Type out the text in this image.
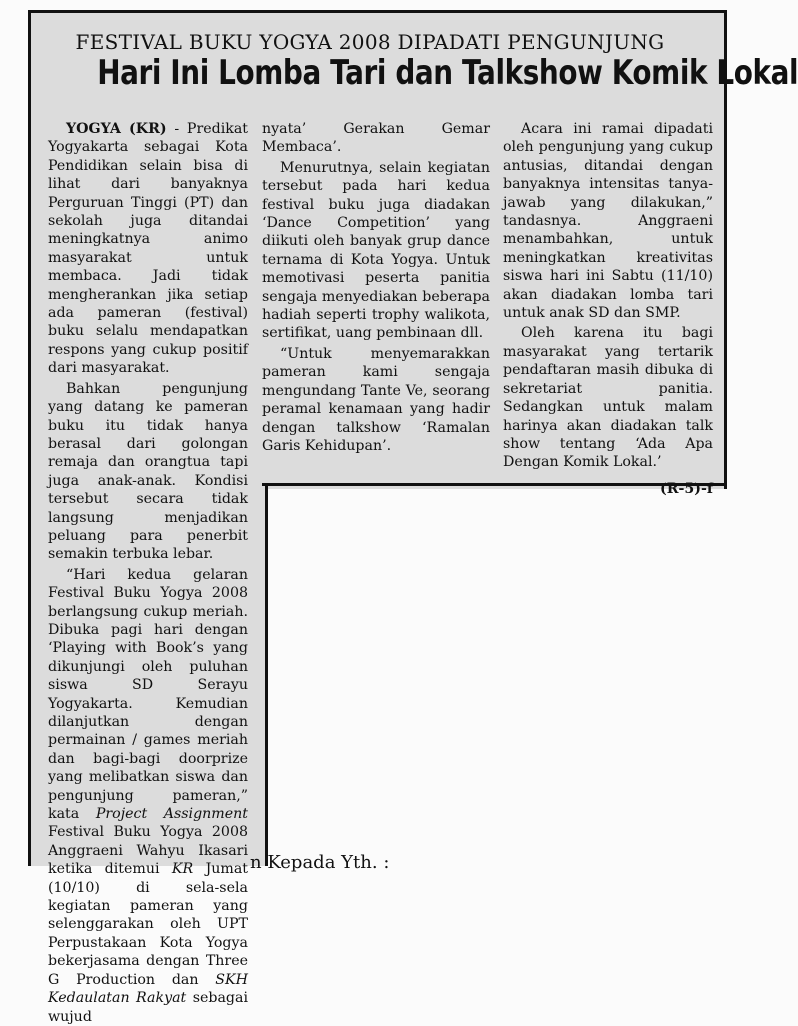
FESTIVAL BUKU YOGYA 2008 DIPADATI PENGUNJUNG
Hari Ini Lomba Tari dan Talkshow Komik Lokal

YOGYA (KR) - Predikat Yogyakarta sebagai Kota Pendidikan selain bisa di lihat dari banyaknya Perguruan Tinggi (PT) dan sekolah juga ditandai meningkatnya animo masyarakat untuk membaca. Jadi tidak mengherankan jika setiap ada pameran (festival) buku selalu mendapatkan respons yang cukup positif dari masyarakat.

Bahkan pengunjung yang datang ke pameran buku itu tidak hanya berasal dari golongan remaja dan orangtua tapi juga anak-anak. Kondisi tersebut secara tidak langsung menjadikan peluang para penerbit semakin terbuka lebar.

“Hari kedua gelaran Festival Buku Yogya 2008 berlangsung cukup meriah. Dibuka pagi hari dengan ‘Playing with Book’s yang dikunjungi oleh puluhan siswa SD Serayu Yogyakarta. Kemudian dilanjutkan dengan permainan / games meriah dan bagi-bagi doorprize yang melibatkan siswa dan pengunjung pameran,” kata Project Assignment Festival Buku Yogya 2008 Anggraeni Wahyu Ikasari ketika ditemui KR Jumat (10/10) di sela-sela kegiatan pameran yang selenggarakan oleh UPT Perpustakaan Kota Yogya bekerjasama dengan Three G Production dan SKH Kedaulatan Rakyat sebagai wujud

nyata’ Gerakan Gemar Membaca’.

Menurutnya, selain kegiatan tersebut pada hari kedua festival buku juga diadakan ‘Dance Competition’ yang diikuti oleh banyak grup dance ternama di Kota Yogya. Untuk memotivasi peserta panitia sengaja menyediakan beberapa hadiah seperti trophy walikota, sertifikat, uang pembinaan dll.

“Untuk menyemarakkan pameran kami sengaja mengundang Tante Ve, seorang peramal kenamaan yang hadir dengan talkshow ‘Ramalan Garis Kehidupan’.

Acara ini ramai dipadati oleh pengunjung yang cukup antusias, ditandai dengan banyaknya intensitas tanya-jawab yang dilakukan,” tandasnya. Anggraeni menambahkan, untuk meningkatkan kreativitas siswa hari ini Sabtu (11/10) akan diadakan lomba tari untuk anak SD dan SMP.

Oleh karena itu bagi masyarakat yang tertarik pendaftaran masih dibuka di sekretariat panitia. Sedangkan untuk malam harinya akan diadakan talk show tentang ‘Ada Apa Dengan Komik Lokal.’

(R-5)-f
n Kepada Yth. :
